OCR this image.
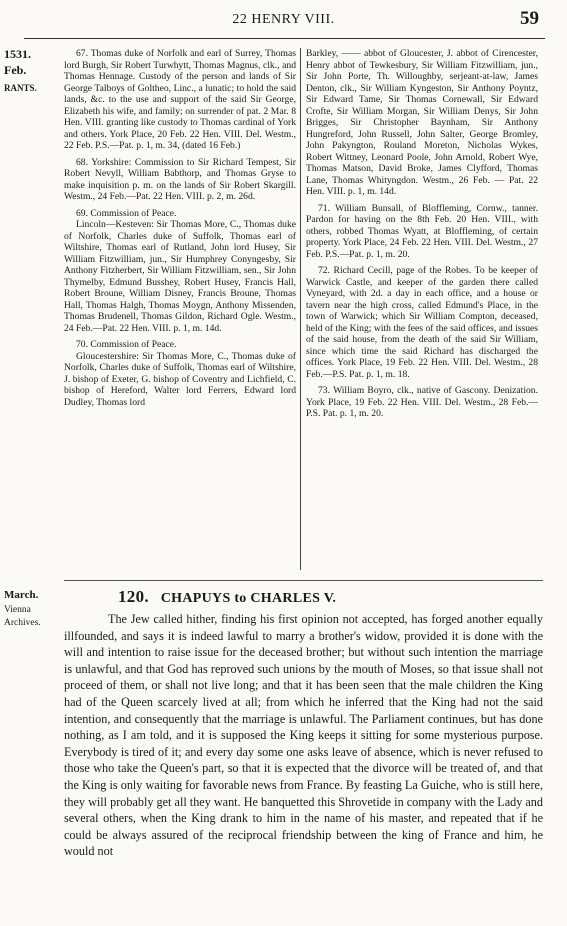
22 HENRY VIII.	59
1531.
Feb.
RANTS.

67. Thomas duke of Norfolk and earl of Surrey, Thomas lord Burgh, Sir Robert Turwhytt, Thomas Magnus, clk., and Thomas Hennage. Custody of the person and lands of Sir George Talboys of Goltheo, Linc., a lunatic; to hold the said lands, &c. to the use and support of the said Sir George, Elizabeth his wife, and family; on surrender of pat. 2 Mar. 8 Hen. VIII. granting like custody to Thomas cardinal of York and others. York Place, 20 Feb. 22 Hen. VIII. Del. Westm., 22 Feb. P.S.—Pat. p. 1, m. 34, (dated 16 Feb.)

68. Yorkshire: Commission to Sir Richard Tempest, Sir Robert Nevyll, William Babthorp, and Thomas Gryse to make inquisition p. m. on the lands of Sir Robert Skargill. Westm., 24 Feb.—Pat. 22 Hen. VIII. p. 2, m. 26d.

69. Commission of Peace.

Lincoln—Kesteven: Sir Thomas More, C., Thomas duke of Norfolk, Charles duke of Suffolk, Thomas earl of Wiltshire, Thomas earl of Rutland, John lord Husey, Sir William Fitzwilliam, jun., Sir Humphrey Conyngesby, Sir Anthony Fitzherbert, Sir William Fitzwilliam, sen., Sir John Thymelby, Edmund Busshey, Robert Husey, Francis Hall, Robert Broune, William Disney, Francis Broune, Thomas Hall, Thomas Halgh, Thomas Moygn, Anthony Missenden, Thomas Brudenell, Thomas Gildon, Richard Ogle. Westm., 24 Feb.—Pat. 22 Hen. VIII. p. 1, m. 14d.

70. Commission of Peace.

Gloucestershire: Sir Thomas More, C., Thomas duke of Norfolk, Charles duke of Suffolk, Thomas earl of Wiltshire, J. bishop of Exeter, G. bishop of Coventry and Lichfield, C. bishop of Hereford, Walter lord Ferrers, Edward lord Dudley, Thomas lord

Barkley, —— abbot of Gloucester, J. abbot of Cirencester, Henry abbot of Tewkesbury, Sir William Fitzwilliam, jun., Sir John Porte, Th. Willoughby, serjeant-at-law, James Denton, clk., Sir William Kyngeston, Sir Anthony Poyntz, Sir Edward Tame, Sir Thomas Cornewall, Sir Edward Crofte, Sir William Morgan, Sir William Denys, Sir John Brigges, Sir Christopher Baynham, Sir Anthony Hungreford, John Russell, John Salter, George Bromley, John Pakyngton, Rouland Moreton, Nicholas Wykes, Robert Wittney, Leonard Poole, John Arnold, Robert Wye, Thomas Matson, David Broke, James Clyfford, Thomas Lane, Thomas Whityngdon. Westm., 26 Feb. — Pat. 22 Hen. VIII. p. 1, m. 14d.

71. William Bunsall, of Bloffleming, Cornw., tanner. Pardon for having on the 8th Feb. 20 Hen. VIII., with others, robbed Thomas Wyatt, at Bloffleming, of certain property. York Place, 24 Feb. 22 Hen. VIII. Del. Westm., 27 Feb. P.S.—Pat. p. 1, m. 20.

72. Richard Cecill, page of the Robes. To be keeper of Warwick Castle, and keeper of the garden there called Vyneyard, with 2d. a day in each office, and a house or tavern near the high cross, called Edmund's Place, in the town of Warwick; which Sir William Compton, deceased, held of the King; with the fees of the said offices, and issues of the said house, from the death of the said Sir William, since which time the said Richard has discharged the offices. York Place, 19 Feb. 22 Hen. VIII. Del. Westm., 28 Feb.—P.S. Pat. p. 1, m. 18.

73. William Boyro, clk., native of Gascony. Denization. York Place, 19 Feb. 22 Hen. VIII. Del. Westm., 28 Feb.—P.S. Pat. p. 1, m. 20.

March.
Vienna
Archives.
120. CHAPUYS to CHARLES V.

The Jew called hither, finding his first opinion not accepted, has forged another equally illfounded, and says it is indeed lawful to marry a brother's widow, provided it is done with the will and intention to raise issue for the deceased brother; but without such intention the marriage is unlawful, and that God has reproved such unions by the mouth of Moses, so that issue shall not proceed of them, or shall not live long; and that it has been seen that the male children the King had of the Queen scarcely lived at all; from which he inferred that the King had not the said intention, and consequently that the marriage is unlawful. The Parliament continues, but has done nothing, as I am told, and it is supposed the King keeps it sitting for some mysterious purpose. Everybody is tired of it; and every day some one asks leave of absence, which is never refused to those who take the Queen's part, so that it is expected that the divorce will be treated of, and that the King is only waiting for favorable news from France. By feasting La Guiche, who is still here, they will probably get all they want. He banquetted this Shrovetide in company with the Lady and several others, when the King drank to him in the name of his master, and repeated that if he could be always assured of the reciprocal friendship between the king of France and him, he would not
